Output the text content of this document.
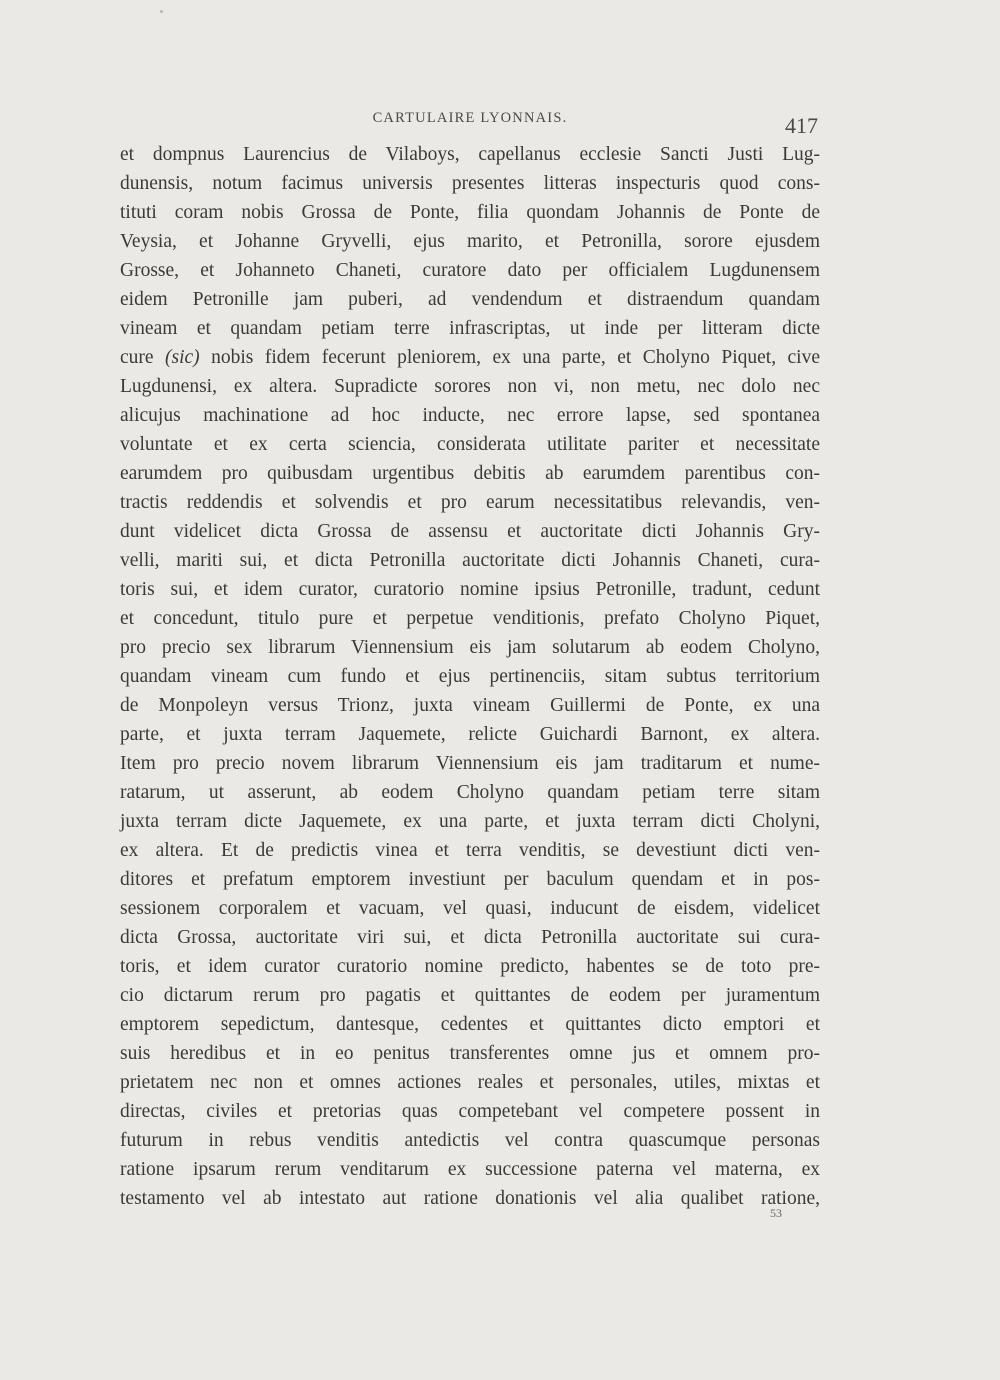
CARTULAIRE LYONNAIS.	417
et dompnus Laurencius de Vilaboys, capellanus ecclesie Sancti Justi Lug-
dunensis, notum facimus universis presentes litteras inspecturis quod cons-
tituti coram nobis Grossa de Ponte, filia quondam Johannis de Ponte de
Veysia, et Johanne Gryvelli, ejus marito, et Petronilla, sorore ejusdem
Grosse, et Johanneto Chaneti, curatore dato per officialem Lugdunensem
eidem Petronille jam puberi, ad vendendum et distraendum quandam
vineam et quandam petiam terre infrascriptas, ut inde per litteram dicte
cure (sic) nobis fidem fecerunt pleniorem, ex una parte, et Cholyno Piquet, cive
Lugdunensi, ex altera. Supradicte sorores non vi, non metu, nec dolo nec
alicujus machinatione ad hoc inducte, nec errore lapse, sed spontanea
voluntate et ex certa sciencia, considerata utilitate pariter et necessitate
earumdem pro quibusdam urgentibus debitis ab earumdem parentibus con-
tractis reddendis et solvendis et pro earum necessitatibus relevandis, ven-
dunt videlicet dicta Grossa de assensu et auctoritate dicti Johannis Gry-
velli, mariti sui, et dicta Petronilla auctoritate dicti Johannis Chaneti, cura-
toris sui, et idem curator, curatorio nomine ipsius Petronille, tradunt, cedunt
et concedunt, titulo pure et perpetue venditionis, prefato Cholyno Piquet,
pro precio sex librarum Viennensium eis jam solutarum ab eodem Cholyno,
quandam vineam cum fundo et ejus pertinenciis, sitam subtus territorium
de Monpoleyn versus Trionz, juxta vineam Guillermi de Ponte, ex una
parte, et juxta terram Jaquemete, relicte Guichardi Barnont, ex altera.
Item pro precio novem librarum Viennensium eis jam traditarum et nume-
ratarum, ut asserunt, ab eodem Cholyno quandam petiam terre sitam
juxta terram dicte Jaquemete, ex una parte, et juxta terram dicti Cholyni,
ex altera. Et de predictis vinea et terra venditis, se devestiunt dicti ven-
ditores et prefatum emptorem investiunt per baculum quendam et in pos-
sessionem corporalem et vacuam, vel quasi, inducunt de eisdem, videlicet
dicta Grossa, auctoritate viri sui, et dicta Petronilla auctoritate sui cura-
toris, et idem curator curatorio nomine predicto, habentes se de toto pre-
cio dictarum rerum pro pagatis et quittantes de eodem per juramentum
emptorem sepedictum, dantesque, cedentes et quittantes dicto emptori et
suis heredibus et in eo penitus transferentes omne jus et omnem pro-
prietatem nec non et omnes actiones reales et personales, utiles, mixtas et
directas, civiles et pretorias quas competebant vel competere possent in
futurum in rebus venditis antedictis vel contra quascumque personas
ratione ipsarum rerum venditarum ex successione paterna vel materna, ex
testamento vel ab intestato aut ratione donationis vel alia qualibet ratione,
53
